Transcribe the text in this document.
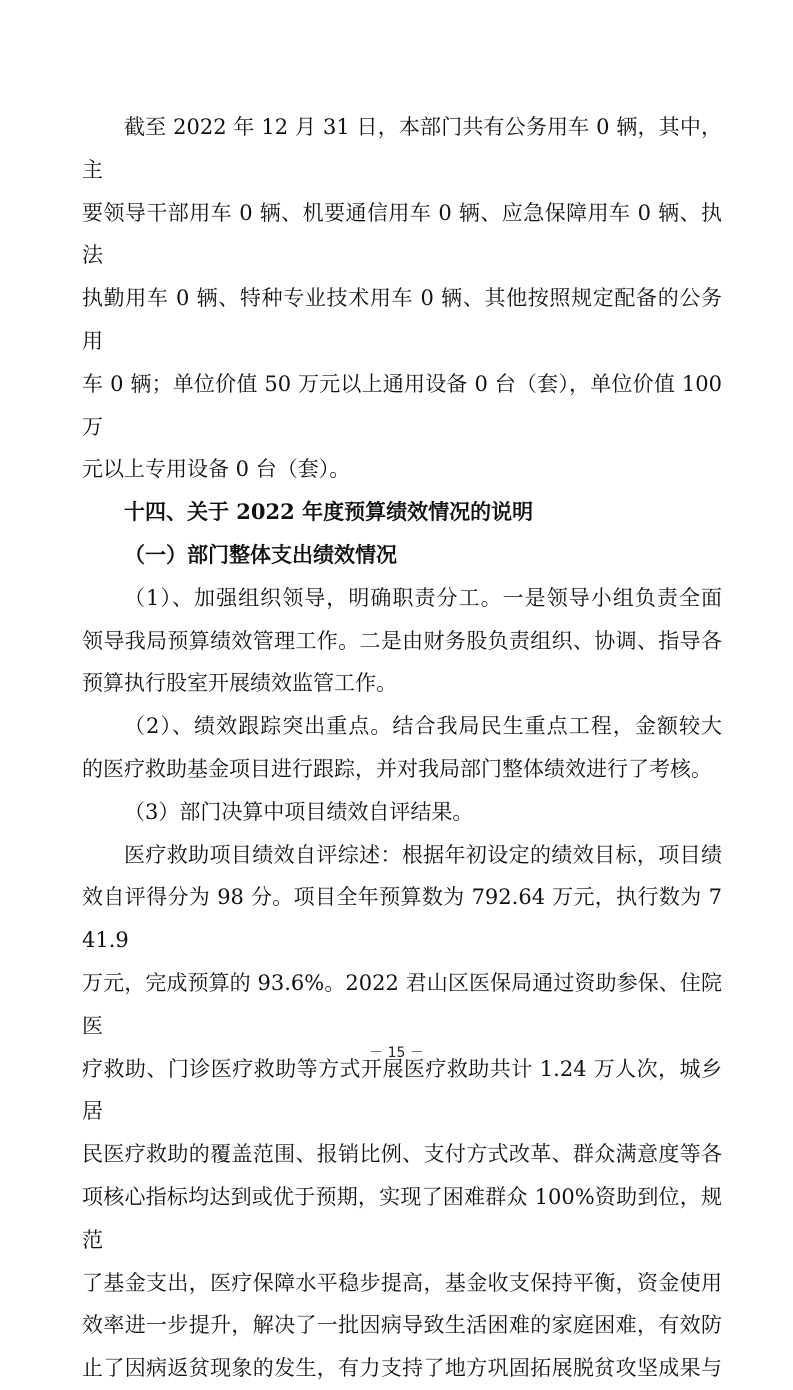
截至 2022 年 12 月 31 日，本部门共有公务用车 0 辆，其中，主

要领导干部用车 0 辆、机要通信用车 0 辆、应急保障用车 0 辆、执法

执勤用车 0 辆、特种专业技术用车 0 辆、其他按照规定配备的公务用

车 0 辆；单位价值 50 万元以上通用设备 0 台（套），单位价值 100 万

元以上专用设备 0 台（套）。

十四、关于 2022 年度预算绩效情况的说明

（一）部门整体支出绩效情况

（1）、加强组织领导，明确职责分工。一是领导小组负责全面

领导我局预算绩效管理工作。二是由财务股负责组织、协调、指导各

预算执行股室开展绩效监管工作。

（2）、绩效跟踪突出重点。结合我局民生重点工程，金额较大

的医疗救助基金项目进行跟踪，并对我局部门整体绩效进行了考核。

（3）部门决算中项目绩效自评结果。

医疗救助项目绩效自评综述：根据年初设定的绩效目标，项目绩

效自评得分为 98 分。项目全年预算数为 792.64 万元，执行数为 741.9

万元，完成预算的 93.6%。2022 君山区医保局通过资助参保、住院医

疗救助、门诊医疗救助等方式开展医疗救助共计 1.24 万人次，城乡居

民医疗救助的覆盖范围、报销比例、支付方式改革、群众满意度等各

项核心指标均达到或优于预期，实现了困难群众 100%资助到位，规范

了基金支出，医疗保障水平稳步提高，基金收支保持平衡，资金使用

效率进一步提升，解决了一批因病导致生活困难的家庭困难，有效防

止了因病返贫现象的发生，有力支持了地方巩固拓展脱贫攻坚成果与

－ 15 －
